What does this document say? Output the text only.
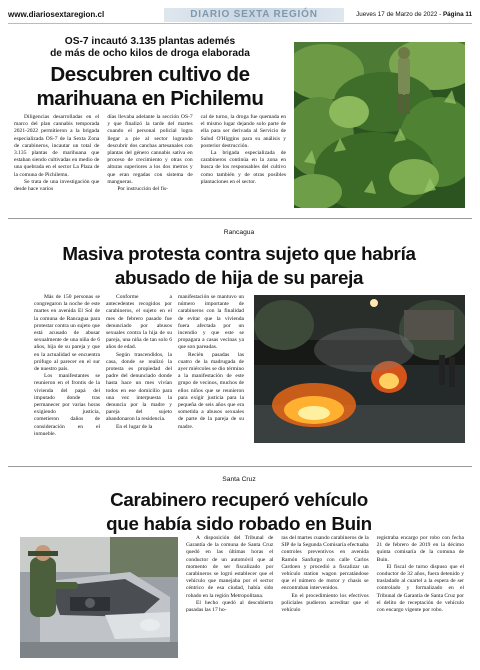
www.diariosextaregion.cl	DIARIO SEXTA REGIÓN	Jueves 17 de Marzo de 2022 - Página 11
OS-7 incautó 3.135 plantas ademés
de más de ocho kilos de droga elaborada
Descubren cultivo de
marihuana en Pichilemu

Diligencias desarrolladas en el marco del plan cannabis temporada 2021-2022 permitieron a la brigada especializada OS-7 de la Sexta Zona de carabineros, incautar un total de 3.135 plantas de marihuana que estaban siendo cultivadas en medio de una quebrada en el sector La Plaza de la comuna de Pichilemu.

Se trata de una investigación que desde hace varios

días llevaba adelante la sección OS-7 y que finalizó la tarde del martes cuando el personal policial logra llegar a pie al sector logrando descubrir dos canchas artesanales con plantas del género cannabis sativa en proceso de crecimiento y otras con alturas superiores a los dos metros y que eran regadas con sistema de mangueras.

Por instrucción del fis-

cal de turno, la droga fue quemada en el mismo lugar dejando solo parte de ella para ser derivada al Servicio de Salud O'Higgins para su análisis y posterior destrucción.

La brigada especializada de carabineros continúa en la zona en busca de los responsables del cultivo como también y de otras posibles plantaciones en el sector.

Rancagua
Masiva protesta contra sujeto que habría
abusado de hija de su pareja

Más de 150 personas se congregaron la noche de este martes en avenida El Sol de la comuna de Rancagua para protestar contra un sujeto que está acusado de abusar sexualmente de una niña de 6 años, hija de su pareja y que en la actualidad se encuentra prófugo al parecer en el sur de nuestro país.

Los manifestantes se reunieron en el frontis de la vivienda del papá del imputado donde tras permanecer por varias horas exigiendo justicia, cometieron daños de consideración en el inmueble.

Conforme a antecedentes recogidos por carabineros, el sujeto en el mes de febrero pasado fue denunciado por abusos sexuales contra la hija de su pareja, una niña de tan solo 6 años de edad.

Según trascendidos, la casa, donde se realizó la protesta es propiedad del padre del denunciado donde hasta hace un mes vivían todos en ese domicilio para una vez interpuesta la denuncia por la madre y pareja del sujeto abandonaron la residencia.

En el lugar de la

manifestación se mantuvo un número importante de carabineros con la finalidad de evitar que la vivienda fuera afectada por un incendio y que este se propagara a casas vecinas ya que son pareadas.

Recién pasadas las cuatro de la madrugada de ayer miércoles se dio término a la manifestación de este grupo de vecinos, muchos de ellos niños que se reunieron para exigir justicia para la pequeña de seis años que era sometida a abusos sexuales de parte de la pareja de su madre.

Santa Cruz
Carabinero recuperó vehículo
que había sido robado en Buin

A disposición del Tribunal de Garantía de la comuna de Santa Cruz quedó en las últimas horas el conductor de un automóvil que al momento de ser fiscalizado por carabineros se logró establecer que el vehículo que manejaba por el sector céntrico de esa ciudad, había sido robado en la región Metropolitana.

El hecho quedó al descubierto pasadas las 17 ho-

ras del martes cuando carabineros de la SIP de la Segunda Comisaría efectuaba controles preventivos en avenida Ramón Sanfurgo con calle Carlos Cardoen y procedió a fiscalizar un vehículo station wagon percatándose que el número de motor y chasis se encontraban intervenidos.

En el procedimiento los efectivos policiales pudieron acreditar que el vehículo

registraba encargo por robo con fecha 21 de febrero de 2019 en la décimo quinta comisaría de la comuna de Buin.

El fiscal de turno dispuso que el conductor de 32 años, fuera detenido y trasladado al cuartel a la espera de ser controlado y formalizado en el Tribunal de Garantía de Santa Cruz por el delito de receptación de vehículo con encargo vigente por robo.
